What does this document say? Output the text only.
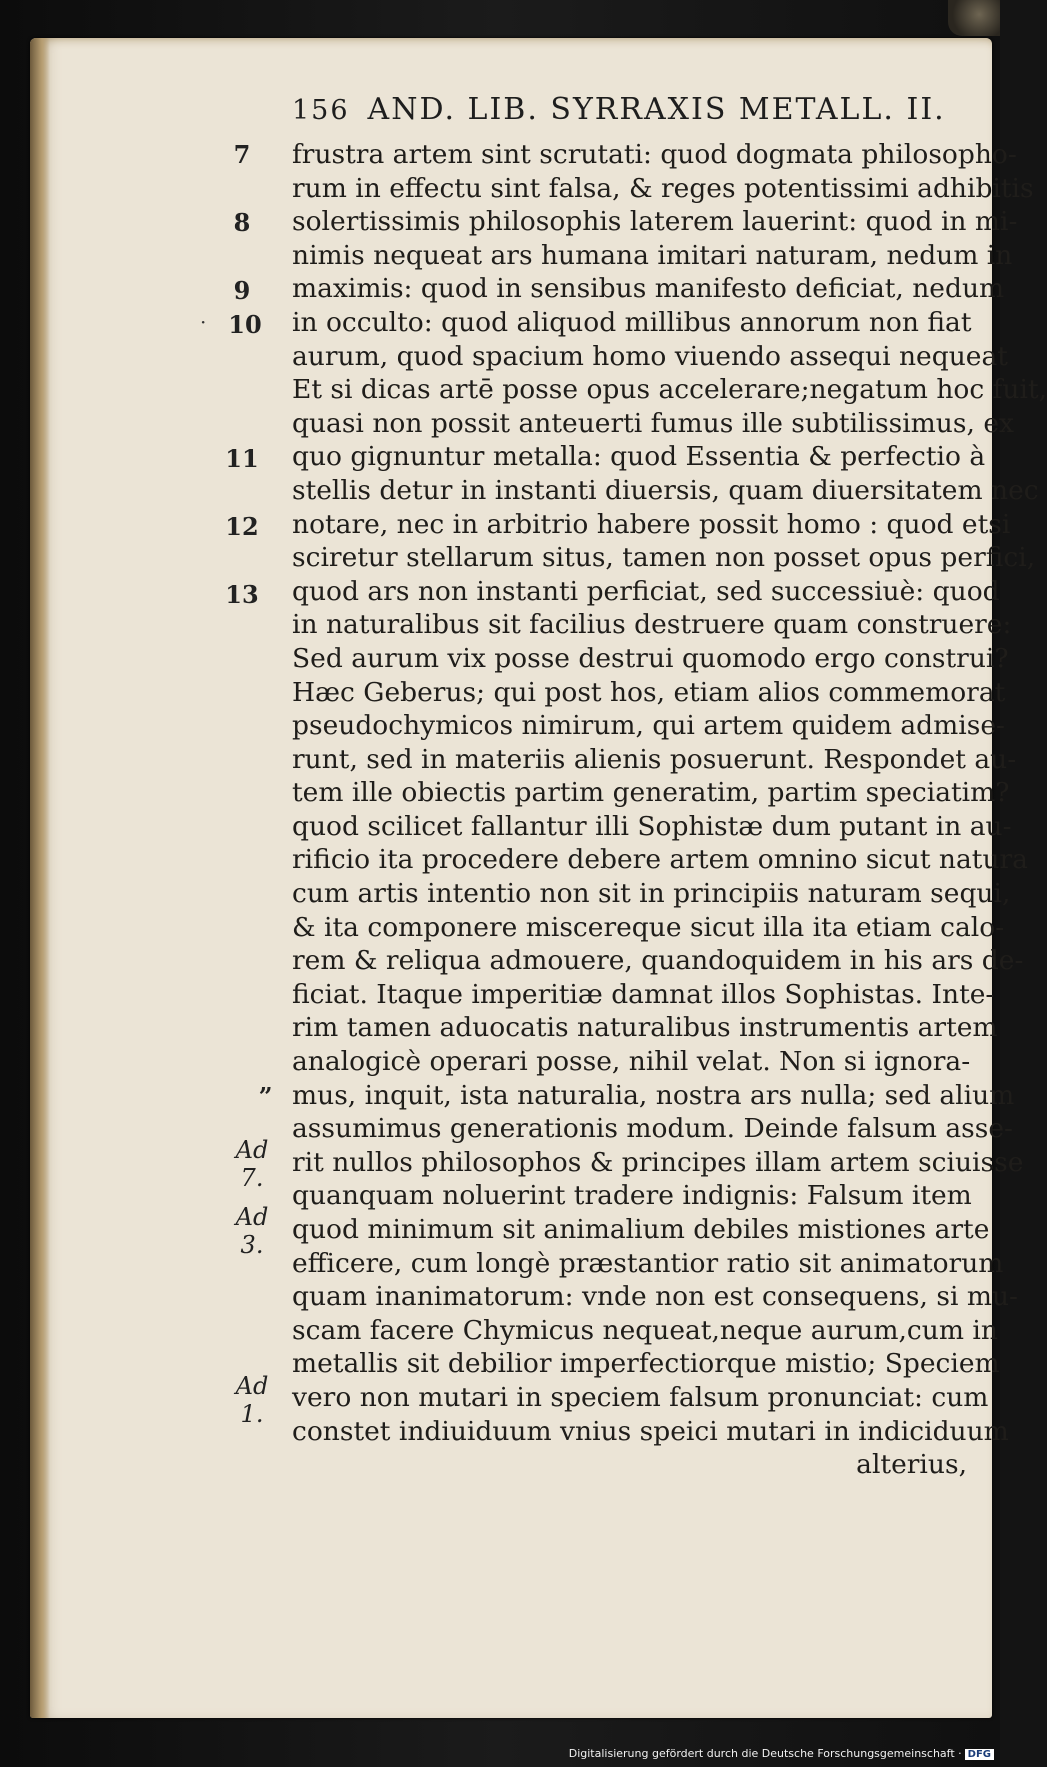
156 AND. LIB. SYRRAXIS METALL. II.
7
8
9
· 10
11
12
13
„
Ad 7.
Ad 3.
Ad 1.
frustra artem sint scrutati: quod dogmata philosopho-
rum in effectu sint falsa, & reges potentissimi adhibitis
solertissimis philosophis laterem lauerint: quod in mi-
nimis nequeat ars humana imitari naturam, nedum in
maximis: quod in sensibus manifesto deficiat, nedum
in occulto: quod aliquod millibus annorum non fiat
aurum, quod spacium homo viuendo assequi nequeat
Et si dicas artē posse opus accelerare;negatum hoc fuit,
quasi non possit anteuerti fumus ille subtilissimus, ex
quo gignuntur metalla: quod Essentia & perfectio à
stellis detur in instanti diuersis, quam diuersitatem nec
notare, nec in arbitrio habere possit homo : quod etsi
sciretur stellarum situs, tamen non posset opus perfici,
quod ars non instanti perficiat, sed successiuè: quod
in naturalibus sit facilius destruere quam construere:
Sed aurum vix posse destrui quomodo ergo construi?
Hæc Geberus; qui post hos, etiam alios commemorat
pseudochymicos nimirum, qui artem quidem admise-
runt, sed in materiis alienis posuerunt. Respondet au-
tem ille obiectis partim generatim, partim speciatim?
quod scilicet fallantur illi Sophistæ dum putant in au-
rificio ita procedere debere artem omnino sicut natura
cum artis intentio non sit in principiis naturam sequi,
& ita componere miscereque sicut illa ita etiam calo-
rem & reliqua admouere, quandoquidem in his ars de-
ficiat. Itaque imperitiæ damnat illos Sophistas. Inte-
rim tamen aduocatis naturalibus instrumentis artem
analogicè operari posse, nihil velat. Non si ignora-
mus, inquit, ista naturalia, nostra ars nulla; sed alium
assumimus generationis modum. Deinde falsum asse-
rit nullos philosophos & principes illam artem sciuisse
quanquam noluerint tradere indignis: Falsum item
quod minimum sit animalium debiles mistiones arte
efficere, cum longè præstantior ratio sit animatorum
quam inanimatorum: vnde non est consequens, si mu-
scam facere Chymicus nequeat,neque aurum,cum in
metallis sit debilior imperfectiorque mistio; Speciem
vero non mutari in speciem falsum pronunciat: cum
constet indiuiduum vnius speici mutari in indiciduum
alterius,
Digitalisierung gefördert durch die Deutsche Forschungsgemeinschaft · DFG
